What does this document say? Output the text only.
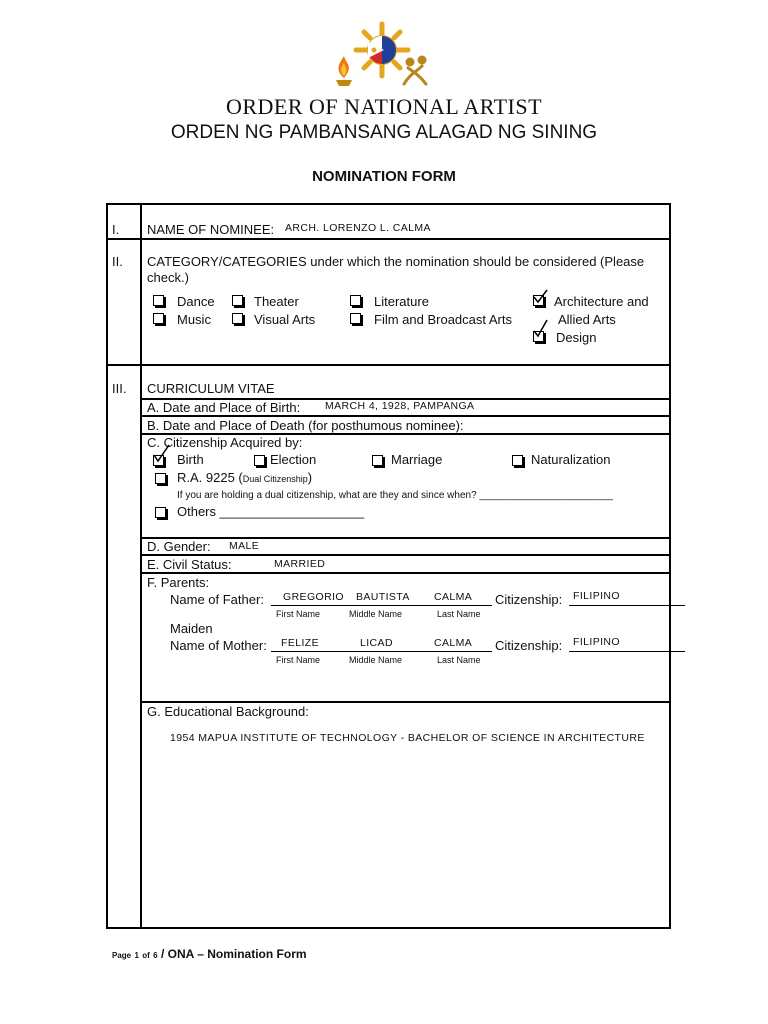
ORDER OF NATIONAL ARTIST
ORDEN NG PAMBANSANG ALAGAD NG SINING
NOMINATION FORM
I. NAME OF NOMINEE: ARCH. LORENZO L. CALMA
II. CATEGORY/CATEGORIES under which the nomination should be considered (Please
check.)
Dance	Theater	Literature	Architecture and
Music	Visual Arts	Film and Broadcast Arts	Allied Arts
Design
III. CURRICULUM VITAE
A. Date and Place of Birth: MARCH 4, 1928, PAMPANGA
B. Date and Place of Death (for posthumous nominee):
C. Citizenship Acquired by:
Birth	Election	Marriage	Naturalization
R.A. 9225 (Dual Citizenship)
If you are holding a dual citizenship, what are they and since when? ________________________
Others ____________________
D. Gender: MALE
E. Civil Status:	MARRIED
F. Parents:
Name of Father: GREGORIO BAUTISTA CALMA
First Name	Middle Name	Last Name
Citizenship: FILIPINO
Maiden
Name of Mother: FELIZE	LICAD	CALMA
First Name	Middle Name	Last Name
Citizenship: FILIPINO
G. Educational Background:
1954 MAPUA INSTITUTE OF TECHNOLOGY - BACHELOR OF SCIENCE IN ARCHITECTURE
Page 1 of 6 / ONA – Nomination Form
